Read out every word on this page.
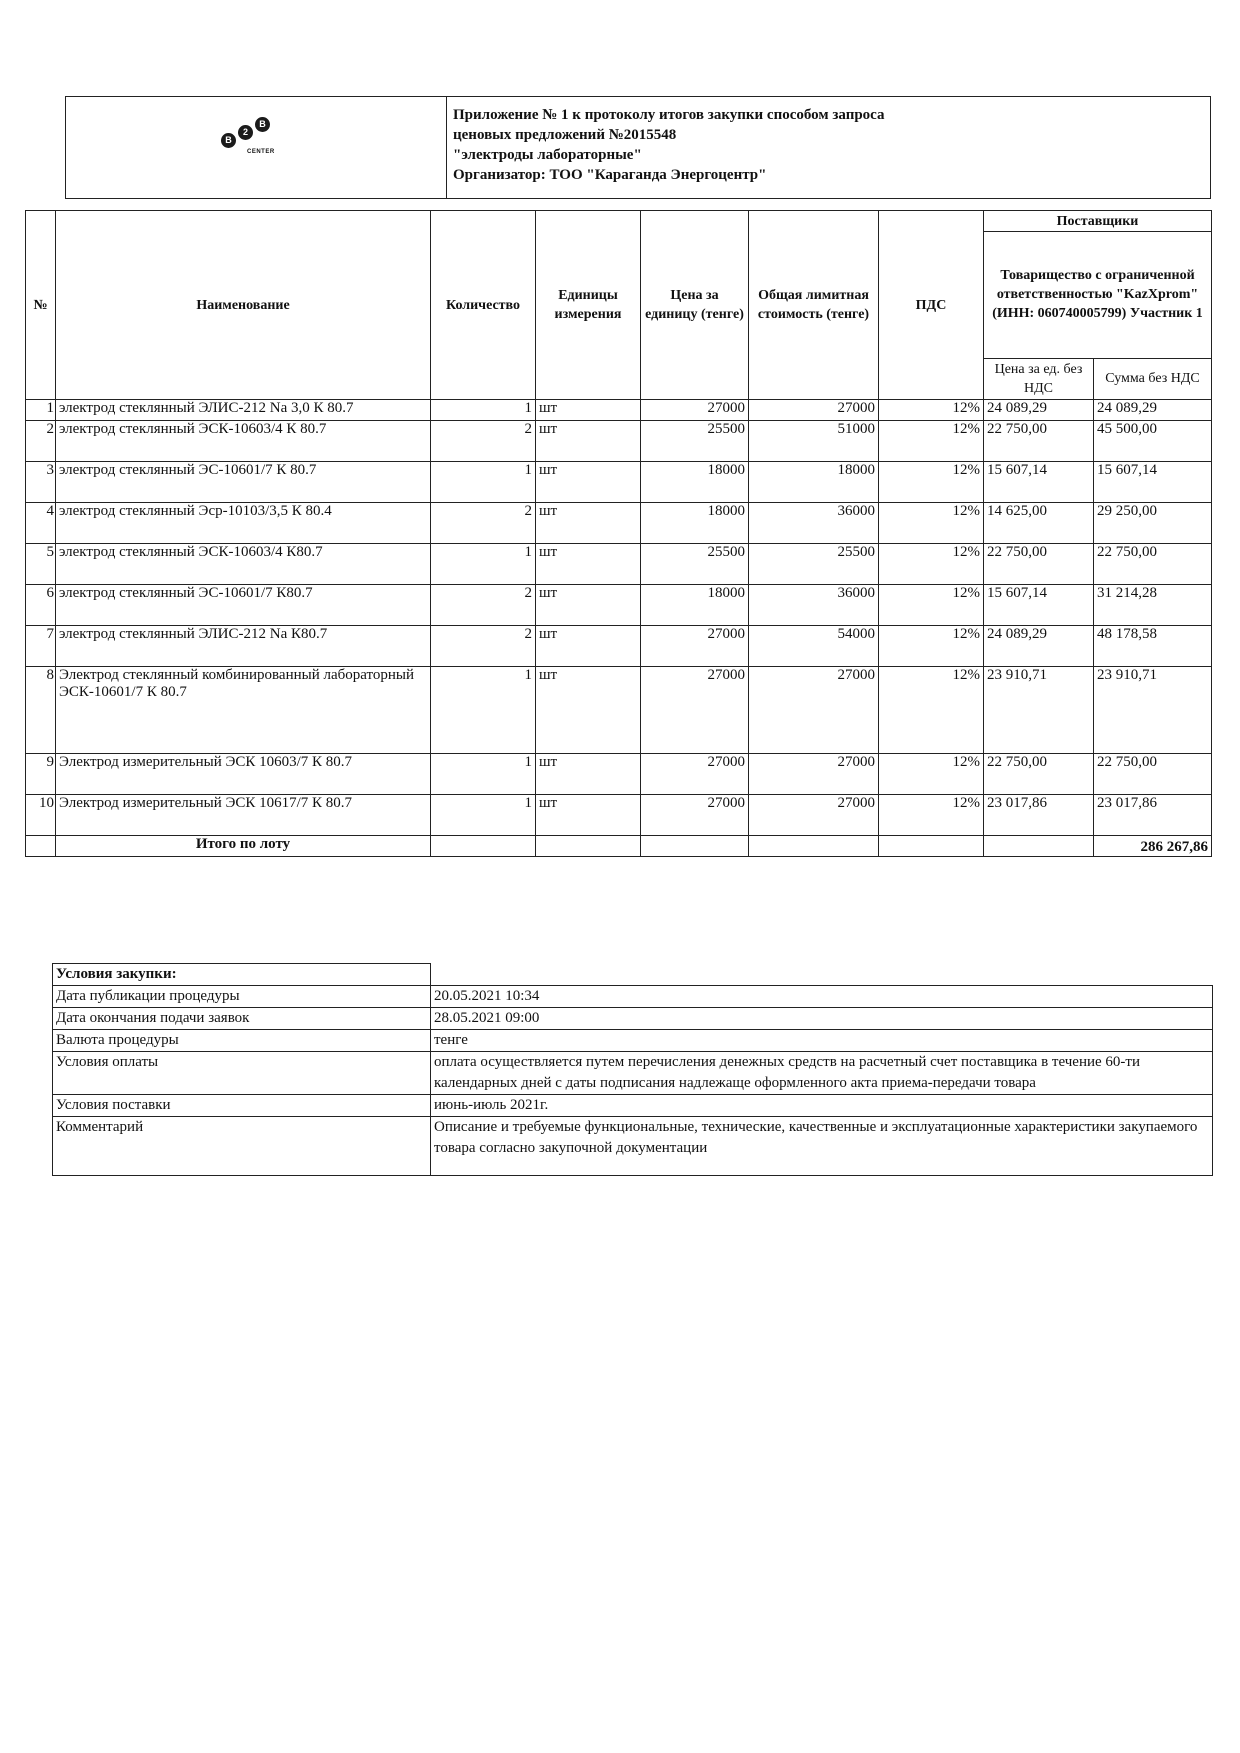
B
2
B
CENTER
Приложение № 1 к протоколу итогов закупки способом запроса
ценовых предложений №2015548
"электроды лабораторные"
Организатор: ТОО "Караганда Энергоцентр"
№	Наименование	Количество	Единицы измерения	Цена за единицу (тенге)	Общая лимитная стоимость (тенге)	ПДС	Поставщики	
							Товарищество с ограниченной ответственностью "KazXprom" (ИНН: 060740005799) Участник 1	
							Цена за ед. без НДС	Сумма без НДС
1	электрод стеклянный ЭЛИС-212 Na 3,0 К 80.7	1	шт	27000	27000	12%	24 089,29	24 089,29
2	электрод стеклянный ЭСК-10603/4 К 80.7	2	шт	25500	51000	12%	22 750,00	45 500,00
3	электрод стеклянный ЭС-10601/7 К 80.7	1	шт	18000	18000	12%	15 607,14	15 607,14
4	электрод стеклянный Эср-10103/3,5 К 80.4	2	шт	18000	36000	12%	14 625,00	29 250,00
5	электрод стеклянный ЭСК-10603/4 К80.7	1	шт	25500	25500	12%	22 750,00	22 750,00
6	электрод стеклянный ЭС-10601/7 К80.7	2	шт	18000	36000	12%	15 607,14	31 214,28
7	электрод стеклянный ЭЛИС-212 Na К80.7	2	шт	27000	54000	12%	24 089,29	48 178,58
8	Электрод стеклянный комбинированный лабораторный ЭСК-10601/7 К 80.7	1	шт	27000	27000	12%	23 910,71	23 910,71
9	Электрод измерительный ЭСК 10603/7 К 80.7	1	шт	27000	27000	12%	22 750,00	22 750,00
10	Электрод измерительный ЭСК 10617/7 К 80.7	1	шт	27000	27000	12%	23 017,86	23 017,86
	Итого по лоту							286 267,86
Условия закупки:	
Дата публикации процедуры	20.05.2021 10:34
Дата окончания подачи заявок	28.05.2021 09:00
Валюта процедуры	тенге
Условия оплаты	оплата осуществляется путем перечисления денежных средств на расчетный счет поставщика в течение 60-ти календарных дней с даты подписания надлежаще оформленного акта приема-передачи товара
Условия поставки	июнь-июль 2021г.
Комментарий	Описание и требуемые функциональные, технические, качественные и эксплуатационные характеристики закупаемого товара согласно закупочной документации
